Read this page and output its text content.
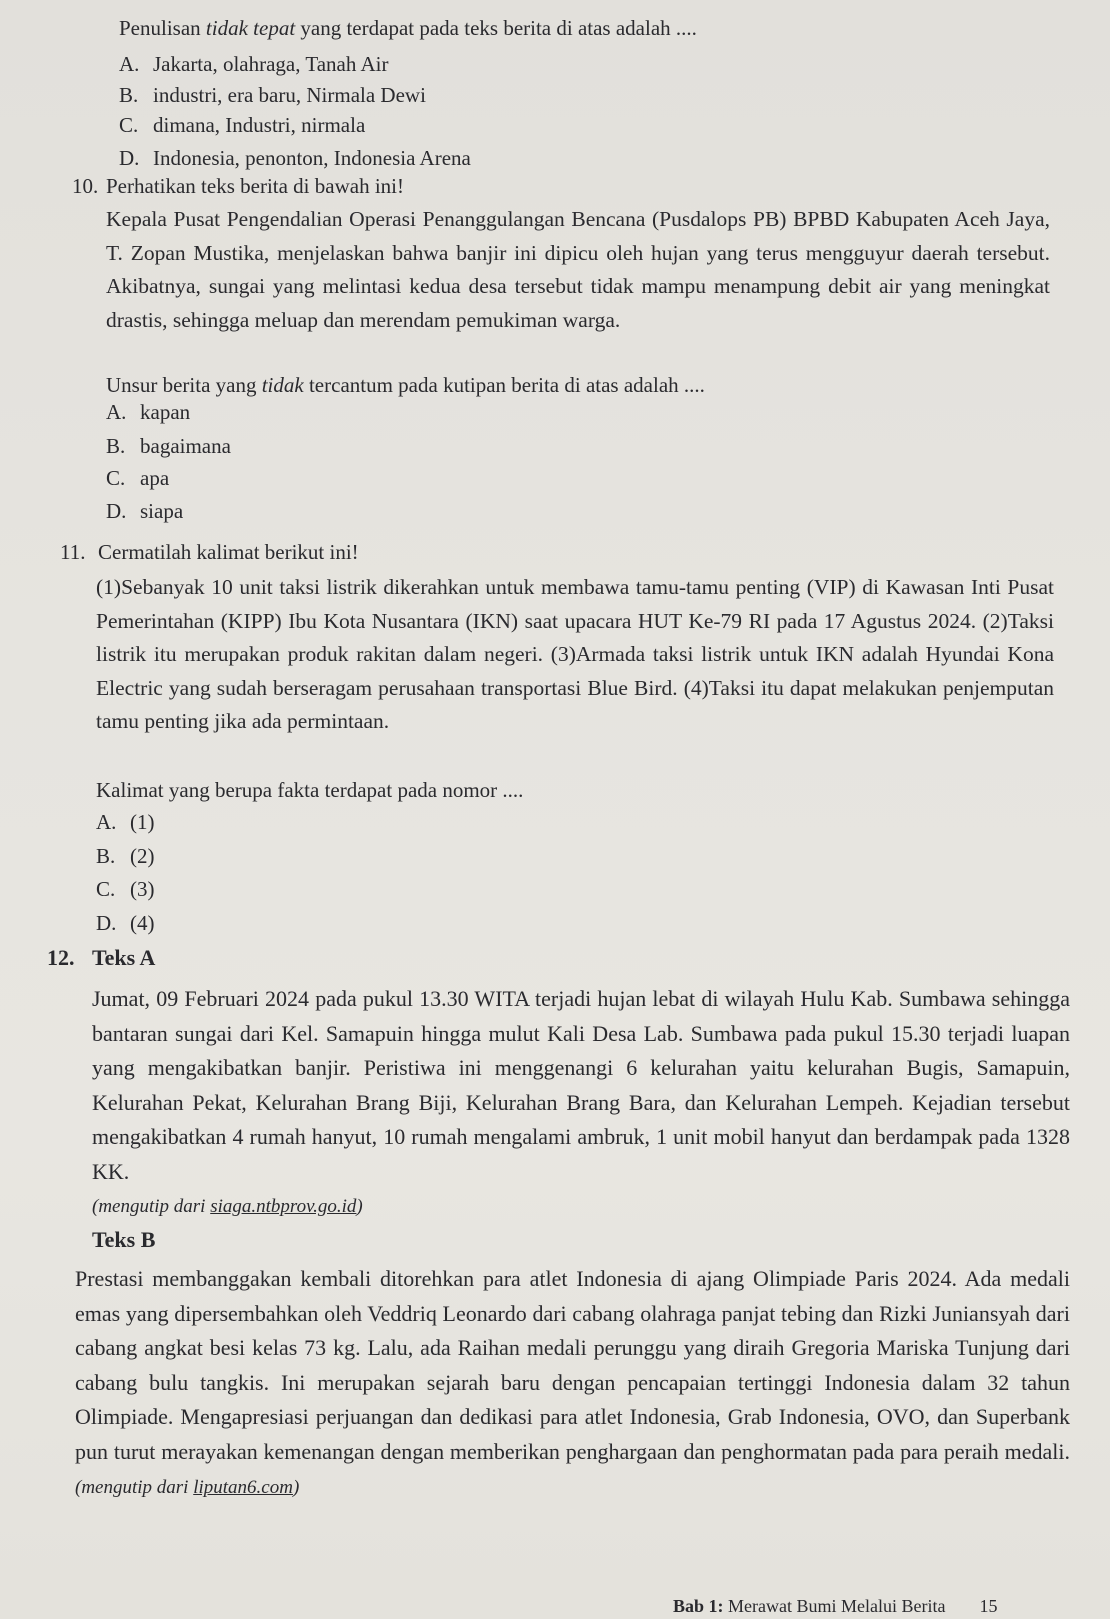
Penulisan tidak tepat yang terdapat pada teks berita di atas adalah ....
A. Jakarta, olahraga, Tanah Air
B. industri, era baru, Nirmala Dewi
C. dimana, Industri, nirmala
D. Indonesia, penonton, Indonesia Arena
10. Perhatikan teks berita di bawah ini!
Kepala Pusat Pengendalian Operasi Penanggulangan Bencana (Pusdalops PB) BPBD Kabupaten Aceh Jaya, T. Zopan Mustika, menjelaskan bahwa banjir ini dipicu oleh hujan yang terus mengguyur daerah tersebut. Akibatnya, sungai yang melintasi kedua desa tersebut tidak mampu menampung debit air yang meningkat drastis, sehingga meluap dan merendam pemukiman warga.
Unsur berita yang tidak tercantum pada kutipan berita di atas adalah ....
A. kapan
B. bagaimana
C. apa
D. siapa
11. Cermatilah kalimat berikut ini!
(1)Sebanyak 10 unit taksi listrik dikerahkan untuk membawa tamu-tamu penting (VIP) di Kawasan Inti Pusat Pemerintahan (KIPP) Ibu Kota Nusantara (IKN) saat upacara HUT Ke-79 RI pada 17 Agustus 2024. (2)Taksi listrik itu merupakan produk rakitan dalam negeri. (3)Armada taksi listrik untuk IKN adalah Hyundai Kona Electric yang sudah berseragam perusahaan transportasi Blue Bird. (4)Taksi itu dapat melakukan penjemputan tamu penting jika ada permintaan.
Kalimat yang berupa fakta terdapat pada nomor ....
A. (1)
B. (2)
C. (3)
D. (4)
12. Teks A
Jumat, 09 Februari 2024 pada pukul 13.30 WITA terjadi hujan lebat di wilayah Hulu Kab. Sumbawa sehingga bantaran sungai dari Kel. Samapuin hingga mulut Kali Desa Lab. Sumbawa pada pukul 15.30 terjadi luapan yang mengakibatkan banjir. Peristiwa ini menggenangi 6 kelurahan yaitu kelurahan Bugis, Samapuin, Kelurahan Pekat, Kelurahan Brang Biji, Kelurahan Brang Bara, dan Kelurahan Lempeh. Kejadian tersebut mengakibatkan 4 rumah hanyut, 10 rumah mengalami ambruk, 1 unit mobil hanyut dan berdampak pada 1328 KK.
(mengutip dari siaga.ntbprov.go.id)
Teks B
Prestasi membanggakan kembali ditorehkan para atlet Indonesia di ajang Olimpiade Paris 2024. Ada medali emas yang dipersembahkan oleh Veddriq Leonardo dari cabang olahraga panjat tebing dan Rizki Juniansyah dari cabang angkat besi kelas 73 kg. Lalu, ada Raihan medali perunggu yang diraih Gregoria Mariska Tunjung dari cabang bulu tangkis. Ini merupakan sejarah baru dengan pencapaian tertinggi Indonesia dalam 32 tahun Olimpiade. Mengapresiasi perjuangan dan dedikasi para atlet Indonesia, Grab Indonesia, OVO, dan Superbank pun turut merayakan kemenangan dengan memberikan penghargaan dan penghormatan pada para peraih medali. (mengutip dari liputan6.com)
Bab 1: Merawat Bumi Melalui Berita 15
